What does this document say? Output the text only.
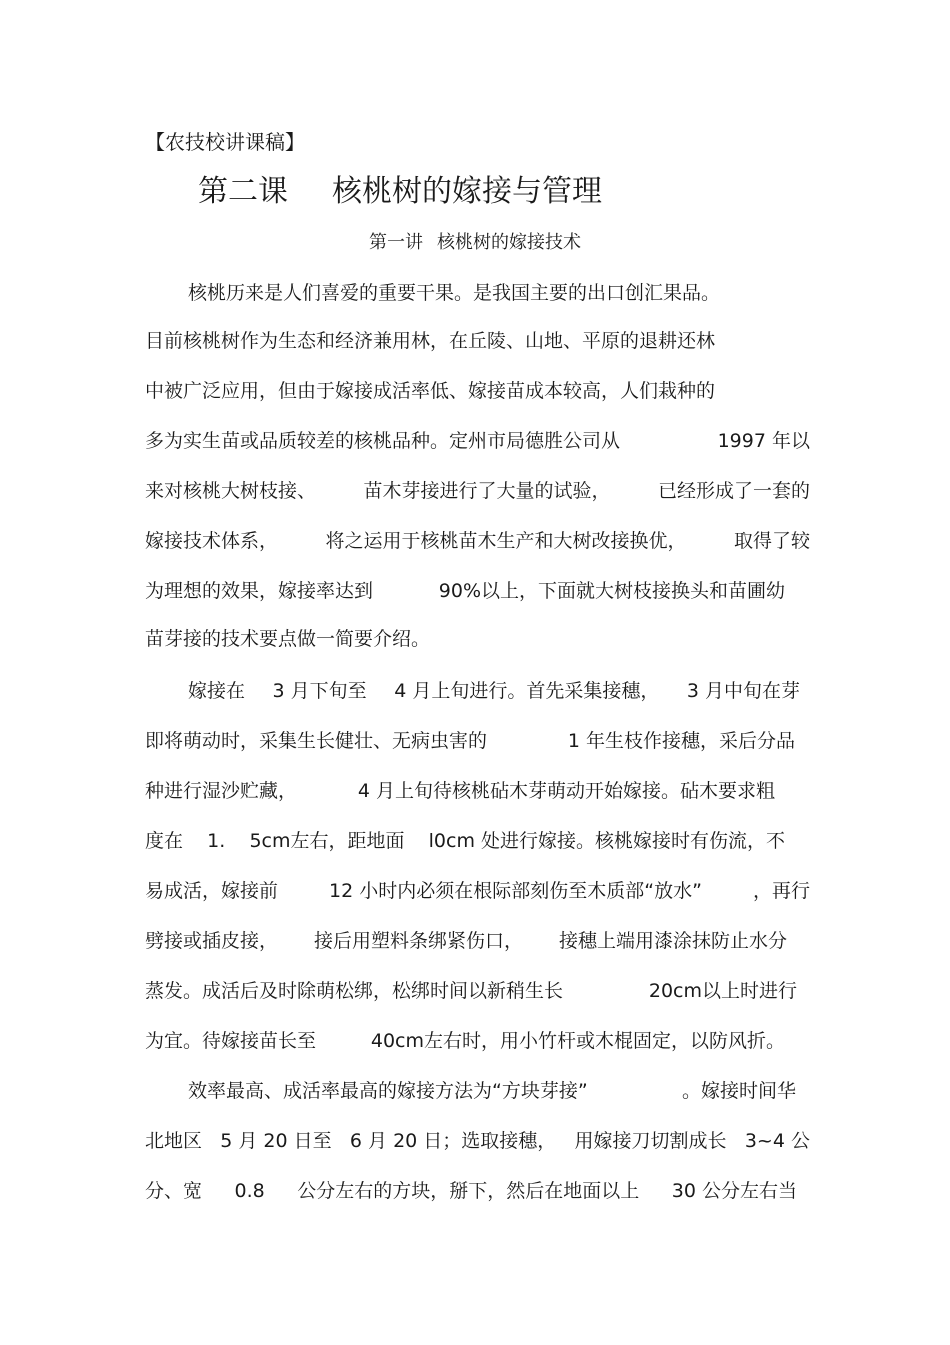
【农技校讲课稿】
第二课 核桃树的嫁接与管理
第一讲 核桃树的嫁接技术
核桃历来是人们喜爱的重要干果。是我国主要的出口创汇果品。
目前核桃树作为生态和经济兼用林，在丘陵、山地、平原的退耕还林
中被广泛应用，但由于嫁接成活率低、嫁接苗成本较高，人们栽种的
多为实生苗或品质较差的核桃品种。定州市局德胜公司从	1997 年以
来对核桃大树枝接、 苗木芽接进行了大量的试验， 已经形成了一套的
嫁接技术体系， 将之运用于核桃苗木生产和大树改接换优， 取得了较
为理想的效果，嫁接率达到	90%以上，下面就大树枝接换头和苗圃幼
苗芽接的技术要点做一简要介绍。
嫁接在 3 月下旬至 4 月上旬进行。首先采集接穗， 3 月中旬在芽
即将萌动时，采集生长健壮、无病虫害的	1 年生枝作接穗，采后分品
种进行湿沙贮藏，	4 月上旬待核桃砧木芽萌动开始嫁接。砧木要求粗
度在 1. 5cm左右，距地面 l0cm 处进行嫁接。核桃嫁接时有伤流，不
易成活，嫁接前	12 小时内必须在根际部刻伤至木质部“放水”	，再行
劈接或插皮接， 接后用塑料条绑紧伤口， 接穗上端用漆涂抹防止水分
蒸发。成活后及时除萌松绑，松绑时间以新稍生长	20cm以上时进行
为宜。待嫁接苗长至	40cm左右时，用小竹杆或木棍固定，以防风折。
效率最高、成活率最高的嫁接方法为“方块芽接”	。嫁接时间华
北地区 5 月 20 日至 6 月 20 日；选取接穗， 用嫁接刀切割成长 3~4 公
分、宽 0.8 公分左右的方块，掰下，然后在地面以上 30 公分左右当
